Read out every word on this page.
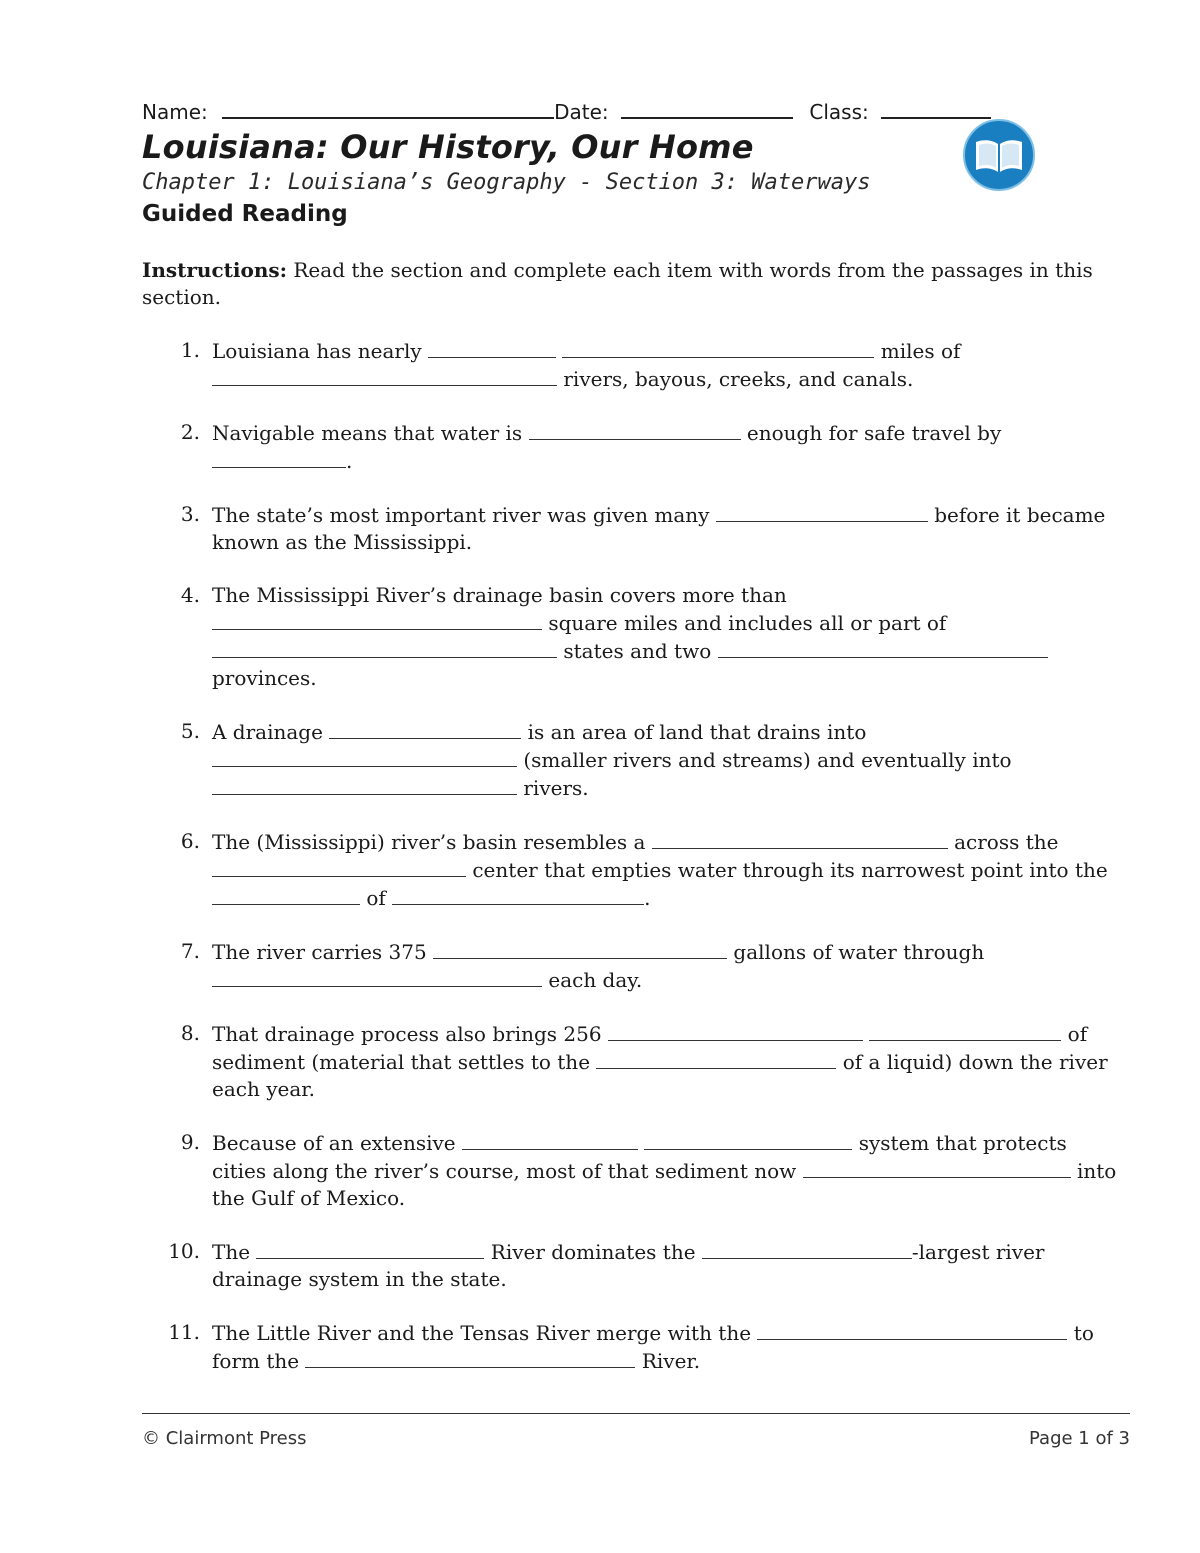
Name:	Date:	Class:
Louisiana: Our History, Our Home
Chapter 1: Louisiana’s Geography - Section 3: Waterways
Guided Reading
Instructions: Read the section and complete each item with words from the passages in this
section.
1. Louisiana has nearly	miles of
rivers, bayous, creeks, and canals.
2. Navigable means that water is	enough for safe travel by
.
3. The state’s most important river was given many	before it became
known as the Mississippi.
4. The Mississippi River’s drainage basin covers more than
square miles and includes all or part of
states and two
provinces.
5. A drainage	is an area of land that drains into
(smaller rivers and streams) and eventually into
rivers.
6. The (Mississippi) river’s basin resembles a	across the
center that empties water through its narrowest point into the
of	.
7. The river carries 375	gallons of water through
each day.
8. That drainage process also brings 256	of
sediment (material that settles to the	of a liquid) down the river
each year.
9. Because of an extensive	system that protects
cities along the river’s course, most of that sediment now	into
the Gulf of Mexico.
10. The	River dominates the	-largest river
drainage system in the state.
11. The Little River and the Tensas River merge with the	to
form the	River.
© Clairmont Press	Page 1 of 3
